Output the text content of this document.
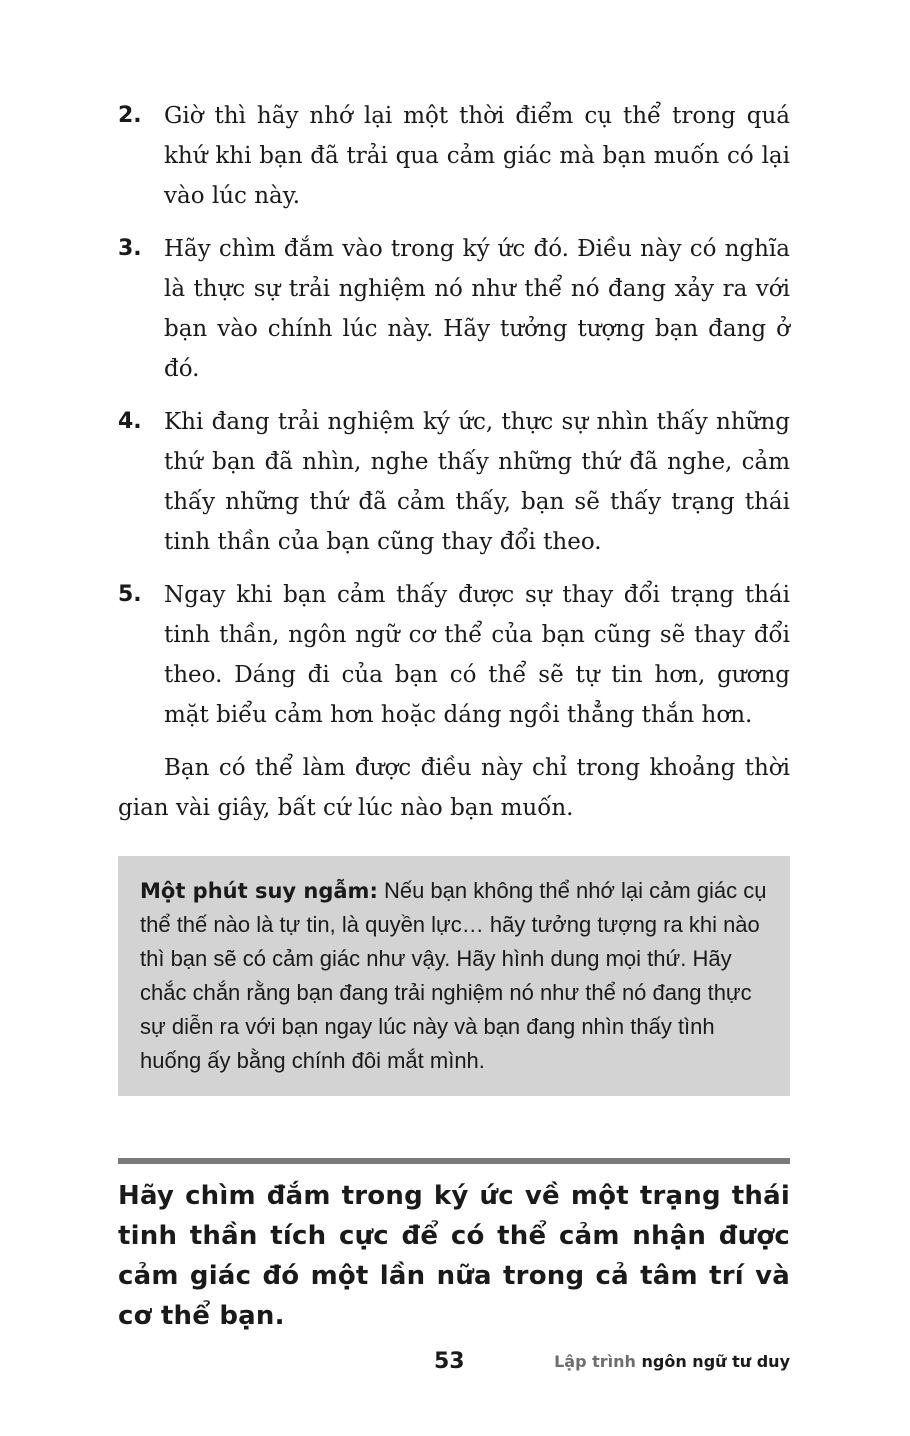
2. Giờ thì hãy nhớ lại một thời điểm cụ thể trong quá khứ khi bạn đã trải qua cảm giác mà bạn muốn có lại vào lúc này.
3. Hãy chìm đắm vào trong ký ức đó. Điều này có nghĩa là thực sự trải nghiệm nó như thể nó đang xảy ra với bạn vào chính lúc này. Hãy tưởng tượng bạn đang ở đó.
4. Khi đang trải nghiệm ký ức, thực sự nhìn thấy những thứ bạn đã nhìn, nghe thấy những thứ đã nghe, cảm thấy những thứ đã cảm thấy, bạn sẽ thấy trạng thái tinh thần của bạn cũng thay đổi theo.
5. Ngay khi bạn cảm thấy được sự thay đổi trạng thái tinh thần, ngôn ngữ cơ thể của bạn cũng sẽ thay đổi theo. Dáng đi của bạn có thể sẽ tự tin hơn, gương mặt biểu cảm hơn hoặc dáng ngồi thẳng thắn hơn.

Bạn có thể làm được điều này chỉ trong khoảng thời gian vài giây, bất cứ lúc nào bạn muốn.

Một phút suy ngẫm: Nếu bạn không thể nhớ lại cảm giác cụ thể thế nào là tự tin, là quyền lực… hãy tưởng tượng ra khi nào thì bạn sẽ có cảm giác như vậy. Hãy hình dung mọi thứ. Hãy chắc chắn rằng bạn đang trải nghiệm nó như thể nó đang thực sự diễn ra với bạn ngay lúc này và bạn đang nhìn thấy tình huống ấy bằng chính đôi mắt mình.
Hãy chìm đắm trong ký ức về một trạng thái tinh thần tích cực để có thể cảm nhận được cảm giác đó một lần nữa trong cả tâm trí và cơ thể bạn.
53	Lập trình ngôn ngữ tư duy
